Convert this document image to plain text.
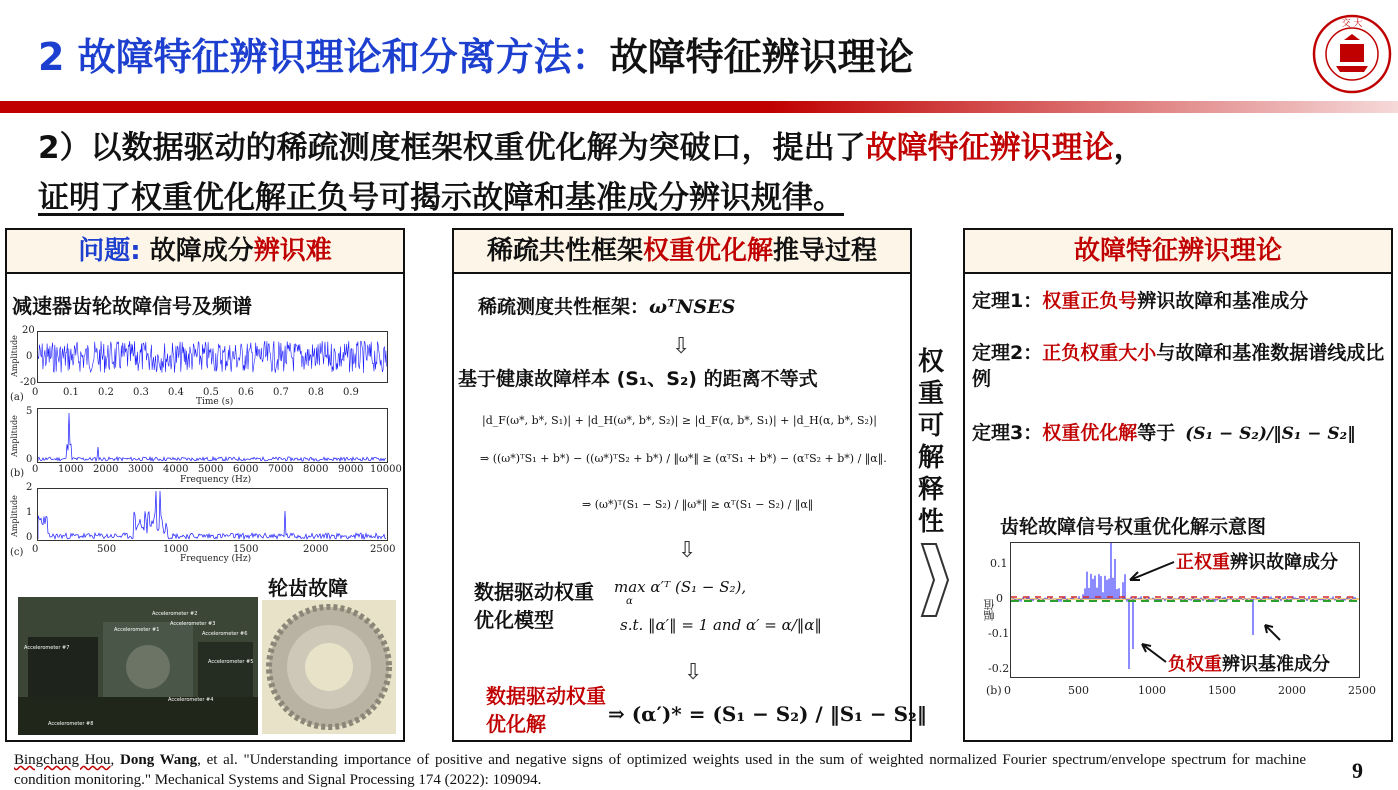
2 故障特征辨识理论和分离方法：故障特征辨识理论
交 大
2）以数据驱动的稀疏测度框架权重优化解为突破口，提出了故障特征辨识理论，
证明了权重优化解正负号可揭示故障和基准成分辨识规律。
问题: 故障成分辨识难
减速器齿轮故障信号及频谱
Amplitude
20
0
-20
(a) 0 0.1 0.2 0.3 0.4 0.5 0.6 0.7 0.8 0.9
Time (s)
Amplitude
5
0
(b) 0 1000 2000 3000 4000 5000 6000 7000 8000 9000 10000
Frequency (Hz)
Amplitude
2
1
0
(c) 0	500	1000	1500	2000	2500
Frequency (Hz)
Accelerometer #7
Accelerometer #2
Accelerometer #3
Accelerometer #6
Accelerometer #1
Accelerometer #5
Accelerometer #8
Accelerometer #4
轮齿故障
稀疏共性框架权重优化解推导过程
稀疏测度共性框架：ωᵀNSES
⇩
基于健康故障样本 (S₁、S₂) 的距离不等式
|d_F(ω*, b*, S₁)| + |d_H(ω*, b*, S₂)| ≥ |d_F(α, b*, S₁)| + |d_H(α, b*, S₂)|
⇒ ((ω*)ᵀS₁ + b*) − ((ω*)ᵀS₂ + b*) / ‖ω*‖ ≥ (αᵀS₁ + b*) − (αᵀS₂ + b*) / ‖α‖.
⇒ (ω*)ᵀ(S₁ − S₂) / ‖ω*‖ ≥ αᵀ(S₁ − S₂) / ‖α‖
⇩
数据驱动权重优化模型
max α′ᵀ (S₁ − S₂),
α
s.t. ‖α′‖ = 1 and α′ = α/‖α‖
⇩
数据驱动权重优化解	⇒ (α′)* = (S₁ − S₂) / ‖S₁ − S₂‖
权重可解释性
故障特征辨识理论
定理1：权重正负号辨识故障和基准成分
定理2：正负权重大小与故障和基准数据谱线成比例
定理3：权重优化解等于 (S₁ − S₂)/‖S₁ − S₂‖
齿轮故障信号权重优化解示意图
幅值
0.1
0
-0.1
-0.2
(b) 0	500	1000	1500	2000	2500
正权重辨识故障成分
负权重辨识基准成分
Bingchang Hou, Dong Wang, et al. "Understanding importance of positive and negative signs of optimized weights used in the sum of weighted normalized Fourier spectrum/envelope spectrum for machine condition monitoring." Mechanical Systems and Signal Processing 174 (2022): 109094.	9
